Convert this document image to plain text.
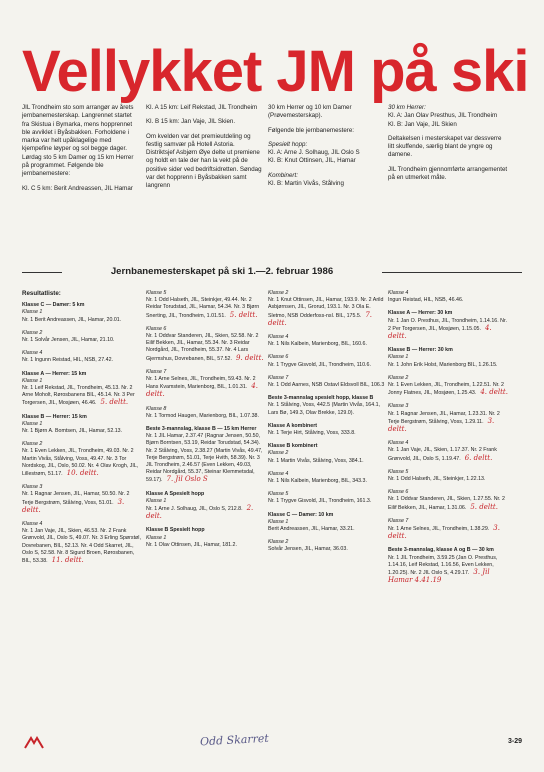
Vellykket JM på ski

JIL Trondheim sto som arrangør av årets jernbanemesterskap. Langrennet startet fra Skistua i Bymarka, mens hopprennet ble avviklet i Byåsbakken. Forholdene i marka var helt upåklagelige med kjempefine løyper og sol begge dager. Lørdag sto 5 km Damer og 15 km Herrer på programmet. Følgende ble jernbanemestere:

Kl. C 5 km: Berit Andreassen, JIL Hamar

Kl. A 15 km: Leif Rekstad, JIL Trondheim

Kl. B 15 km: Jan Vaje, JIL Skien.

Om kvelden var det premieutdeling og festlig samvær på Hotell Astoria. Distriktsjef Asbjørn Øye delte ut premiene og holdt en tale der han la vekt på de positive sider ved bedriftsidretten. Søndag var det hopprenn i Byåsbakken samt langrenn

30 km Herrer og 10 km Damer (Prøvemesterskap).

Følgende ble jernbanemestere:

Spesielt hopp:

Kl. A: Arne J. Solhaug, JIL Oslo S

Kl. B: Knut Ottinsen, JIL, Hamar

Kombinert:

Kl. B: Martin Vivås, Stålving

30 km Herrer:

Kl. A: Jan Olav Presthus, JIL Trondheim

Kl. B: Jan Vaje, JIL Skien

Deltakelsen i mesterskapet var dessverre litt skuffende, særlig blant de yngre og damene.

JIL Trondheim gjennomførte arrangementet på en utmerket måte.

Jernbanemesterskapet på ski 1.—2. februar 1986
Resultatliste:
Klasse C — Damer: 5 km
Klasse 1
Nr. 1 Berit Andreassen, JIL, Hamar, 20.01.
Klasse 2
Nr. 1 Solvår Jensen, JIL, Hamar, 21.10.
Klasse 4
Nr. 1 Ingunn Reistad, HIL, NSB, 27.42.
Klasse A — Herrer: 15 km
Klasse 1
Nr. 1 Leif Rekstad, JIL, Trondheim, 45.13. Nr. 2 Arne Moholt, Rørosbanens BIL, 45.14. Nr. 3 Per Torgersen, JIL, Mosjøen, 46.46. 5. deltt.
Klasse B — Herrer: 15 km
Klasse 1
Nr. 1 Bjørn A. Bomtsen, JIL, Hamar, 52.13.
Klasse 2
Nr. 1 Even Lekken, JIL, Trondheim, 49.03. Nr. 2 Martin Vivås, Stålving, Voss, 49.47. Nr. 3 Tor Nordskog, JIL, Oslo, 50.02. Nr. 4 Olav Krogh, JIL, Lillestrøm, 51.17. 10. deltt.
Klasse 3
Nr. 1 Ragnar Jensen, JIL, Hamar, 50.50. Nr. 2 Terje Bergstrøm, Stålving, Voss, 51.01. 3. deltt.
Klasse 4
Nr. 1 Jan Vaje, JIL, Skien, 46.53. Nr. 2 Frank Grønvold, JIL, Oslo S, 49.07. Nr. 3 Erling Spørstøl, Dovrebanen, BIL, 52.13. Nr. 4 Odd Skarret, JIL, Oslo S, 52.58. Nr. 8 Sigurd Broen, Rørosbanen, BIL, 53.38. 11. deltt.
Klasse 5
Nr. 1 Odd Halseth, JIL, Steinkjer, 49.44. Nr. 2 Reidar Torudstad, JIL, Hamar, 54.34. Nr. 3 Bjørn Snerting, JIL, Trondheim, 1.01.51. 5. deltt.
Klasse 6
Nr. 1 Oddvar Standeren, JIL, Skien, 52.58. Nr. 2 Eilif Bekken, JIL, Hamar, 55.34. Nr. 3 Reidar Nordgård, JIL, Trondheim, 55.37. Nr. 4 Lars Gjermshus, Dovrebanen, BIL, 57.52. 9. deltt.
Klasse 7
Nr. 1 Arne Selnes, JIL, Trondheim, 59.43. Nr. 2 Hans Kvamstein, Marienborg, BIL, 1.01.31. 4. deltt.
Klasse 8
Nr. 1 Tormod Haugen, Marienborg, BIL, 1.07.38.
Beste 3-mannslag, klasse B — 15 km Herrer
Nr. 1 JIL Hamar, 2.37.47 (Ragnar Jensen, 50.50, Bjørn Borntsen, 53.19, Reidar Torudstad, 54.34). Nr. 2 Stålving, Voss, 2.38.27 (Martin Vivås, 49.47, Terje Bergstrøm, 51.01, Terje Hvith, 58.39). Nr. 3 JIL Trondheim, 2.46.57 (Even Lekken, 49.03, Reidar Nordgård, 55.37, Steinar Klemmetsdal, 59.17). 7. Jil Oslo S
Klasse A Spesielt hopp
Klasse 1
Nr. 1 Arne J. Solhaug, JIL, Oslo S, 212.8. 2. delt.
Klasse B Spesielt hopp
Klasse 1
Nr. 1 Olav Ottinsen, JIL, Hamar, 181.2.
Klasse 2
Nr. 1 Knut Ottinsen, JIL, Hamar, 193.9. Nr. 2 Arild Asbjørnsen, JIL, Grorud, 193.1. Nr. 3 Ola E. Sletmo, NSB Odderfoss-nsl. BIL, 175.5. 7. deltt.
Klasse 4
Nr. 1 Nils Kalbein, Marienborg, BIL, 160.6.
Klasse 6
Nr. 1 Trygve Gisvold, JIL, Trondheim, 110.6.
Klasse 7
Nr. 1 Odd Aarnes, NSB Ostavl Eldsvoll BIL, 106.3
Beste 3-mannslag spesielt hopp, klasse B
Nr. 1 Stålving, Voss, 442.5 (Martin Vivås, 164.1, Lars Bø, 149.3, Olav Brekke, 129.0).
Klasse A kombinert
Nr. 1 Terje Hirt, Stålving, Voss, 333.8.
Klasse B kombinert
Klasse 2
Nr. 1 Martin Vivås, Stålving, Voss, 384.1.
Klasse 4
Nr. 1 Nils Kalbein, Marienborg, BIL, 343.3.
Klasse 5
Nr. 1 Trygve Gisvold, JIL, Trondheim, 161.3.
Klasse C — Damer: 10 km
Klasse 1
Berit Andreassen, JIL, Hamar, 33.21.
Klasse 2
Solvår Jensen, JIL, Hamar, 36.03.
Klasse 4
Ingun Reistad, HIL, NSB, 46.46.
Klasse A — Herrer: 30 km
Nr. 1 Jan O. Presthus, JIL, Trondheim, 1.14.16. Nr. 2 Per Torgersen, JIL, Mosjøen, 1.15.05. 4. deltt.
Klasse B — Herrer: 30 km
Klasse 1
Nr. 1 John Erik Holst, Marienborg BIL, 1.26.15.
Klasse 2
Nr. 1 Even Lekken, JIL, Trondheim, 1.22.51. Nr. 2 Jonny Flatnes, JIL, Mosjøen, 1.25.43. 4. deltt.
Klasse 3
Nr. 1 Ragnar Jensen, JIL, Hamar, 1.23.31. Nr. 2 Terje Bergstrøm, Stålving, Voss, 1.29.11. 3. deltt.
Klasse 4
Nr. 1 Jan Vaje, JIL, Skien, 1.17.37. Nr. 2 Frank Grønvold, JIL, Oslo S, 1.19.47. 6. deltt.
Klasse 5
Nr. 1 Odd Halseth, JIL, Steinkjer, 1.22.13.
Klasse 6
Nr. 1 Oddvar Standeren, JIL, Skien, 1.27.55. Nr. 2 Eilif Bekken, JIL, Hamar, 1.31.06. 5. deltt.
Klasse 7
Nr. 1 Arne Selnes, JIL, Trondheim, 1.38.29. 3. deltt.
Beste 3-mannslag, klasse A og B — 30 km
Nr. 1 JIL Trondheim, 3.59.25 (Jan O. Presthus, 1.14.16, Leif Rekstad, 1.16.56, Even Lekken, 1.20.25). Nr. 2 JIL Oslo S, 4.29.17. 3. Jil Hamar 4.41.19
Odd Skarret	3-29
